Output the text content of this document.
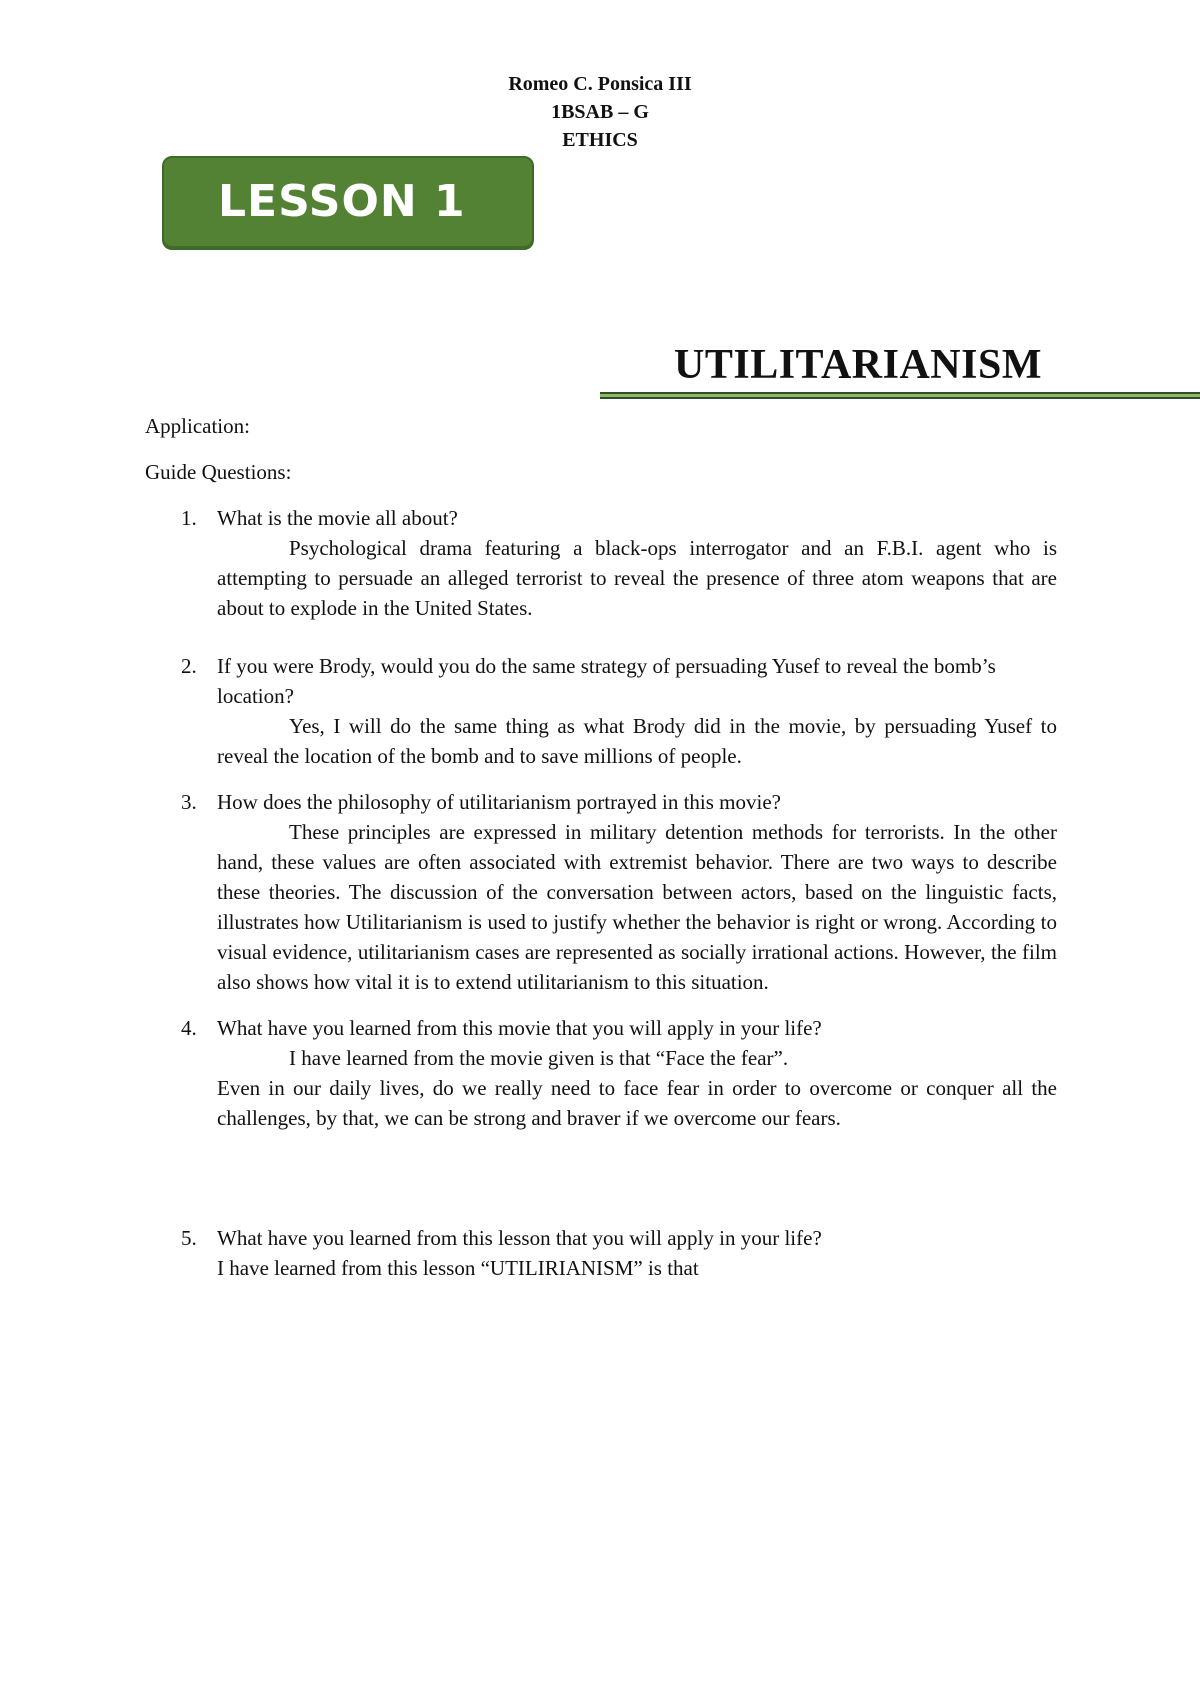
Romeo C. Ponsica III
1BSAB – G
ETHICS
LESSON 1
UTILITARIANISM

Application:

Guide Questions:

1. What is the movie all about?

Psychological drama featuring a black-ops interrogator and an F.B.I. agent who is attempting to persuade an alleged terrorist to reveal the presence of three atom weapons that are about to explode in the United States.

2. If you were Brody, would you do the same strategy of persuading Yusef to reveal the bomb’s location?

Yes, I will do the same thing as what Brody did in the movie, by persuading Yusef to reveal the location of the bomb and to save millions of people.

3. How does the philosophy of utilitarianism portrayed in this movie?

These principles are expressed in military detention methods for terrorists. In the other hand, these values are often associated with extremist behavior. There are two ways to describe these theories. The discussion of the conversation between actors, based on the linguistic facts, illustrates how Utilitarianism is used to justify whether the behavior is right or wrong. According to visual evidence, utilitarianism cases are represented as socially irrational actions. However, the film also shows how vital it is to extend utilitarianism to this situation.

4. What have you learned from this movie that you will apply in your life?

I have learned from the movie given is that “Face the fear”.

Even in our daily lives, do we really need to face fear in order to overcome or conquer all the challenges, by that, we can be strong and braver if we overcome our fears.

5. What have you learned from this lesson that you will apply in your life?

I have learned from this lesson “UTILIRIANISM” is that
